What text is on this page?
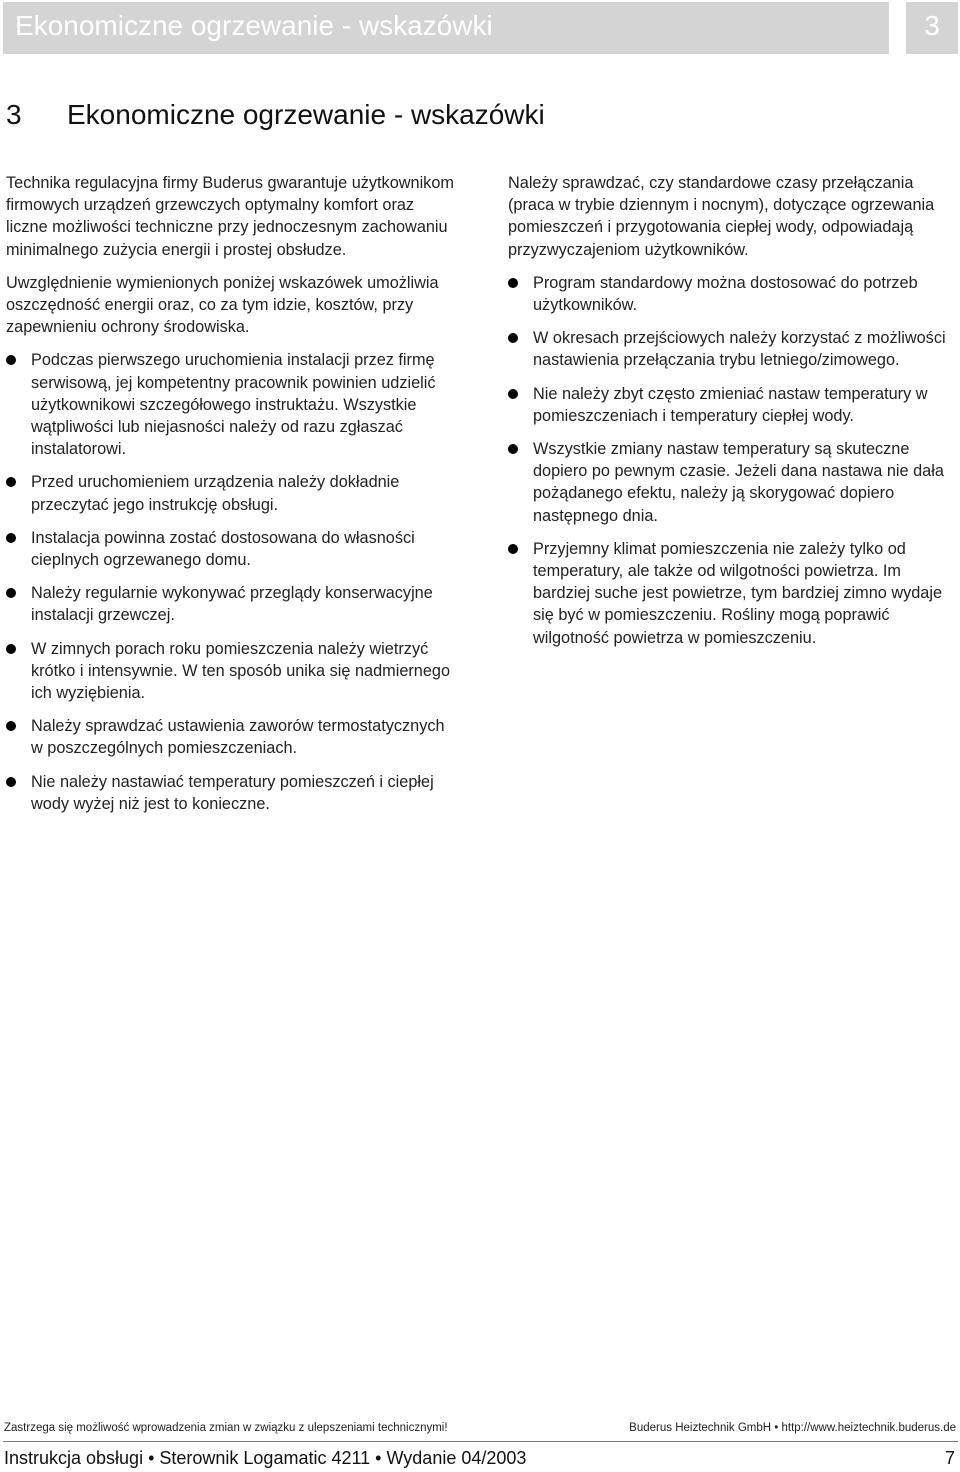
Ekonomiczne ogrzewanie - wskazówki	3
3 Ekonomiczne ogrzewanie - wskazówki

Technika regulacyjna firmy Buderus gwarantuje użytkownikom firmowych urządzeń grzewczych optymalny komfort oraz liczne możliwości techniczne przy jednoczesnym zachowaniu minimalnego zużycia energii i prostej obsłudze.

Uwzględnienie wymienionych poniżej wskazówek umożliwia oszczędność energii oraz, co za tym idzie, kosztów, przy zapewnieniu ochrony środowiska.

Podczas pierwszego uruchomienia instalacji przez firmę serwisową, jej kompetentny pracownik powinien udzielić użytkownikowi szczegółowego instruktażu. Wszystkie wątpliwości lub niejasności należy od razu zgłaszać instalatorowi.
Przed uruchomieniem urządzenia należy dokładnie przeczytać jego instrukcję obsługi.
Instalacja powinna zostać dostosowana do własności cieplnych ogrzewanego domu.
Należy regularnie wykonywać przeglądy konserwacyjne instalacji grzewczej.
W zimnych porach roku pomieszczenia należy wietrzyć krótko i intensywnie. W ten sposób unika się nadmiernego ich wyziębienia.
Należy sprawdzać ustawienia zaworów termostatycznych w poszczególnych pomieszczeniach.
Nie należy nastawiać temperatury pomieszczeń i ciepłej wody wyżej niż jest to konieczne.

Należy sprawdzać, czy standardowe czasy przełączania (praca w trybie dziennym i nocnym), dotyczące ogrzewania pomieszczeń i przygotowania ciepłej wody, odpowiadają przyzwyczajeniom użytkowników.

Program standardowy można dostosować do potrzeb użytkowników.
W okresach przejściowych należy korzystać z możliwości nastawienia przełączania trybu letniego/zimowego.
Nie należy zbyt często zmieniać nastaw temperatury w pomieszczeniach i temperatury ciepłej wody.
Wszystkie zmiany nastaw temperatury są skuteczne dopiero po pewnym czasie. Jeżeli dana nastawa nie dała pożądanego efektu, należy ją skorygować dopiero następnego dnia.
Przyjemny klimat pomieszczenia nie zależy tylko od temperatury, ale także od wilgotności powietrza. Im bardziej suche jest powietrze, tym bardziej zimno wydaje się być w pomieszczeniu. Rośliny mogą poprawić wilgotność powietrza w pomieszczeniu.
Zastrzega się możliwość wprowadzenia zmian w związku z ulepszeniami technicznymi!	Buderus Heiztechnik GmbH • http://www.heiztechnik.buderus.de
Instrukcja obsługi • Sterownik Logamatic 4211 • Wydanie 04/2003	7
